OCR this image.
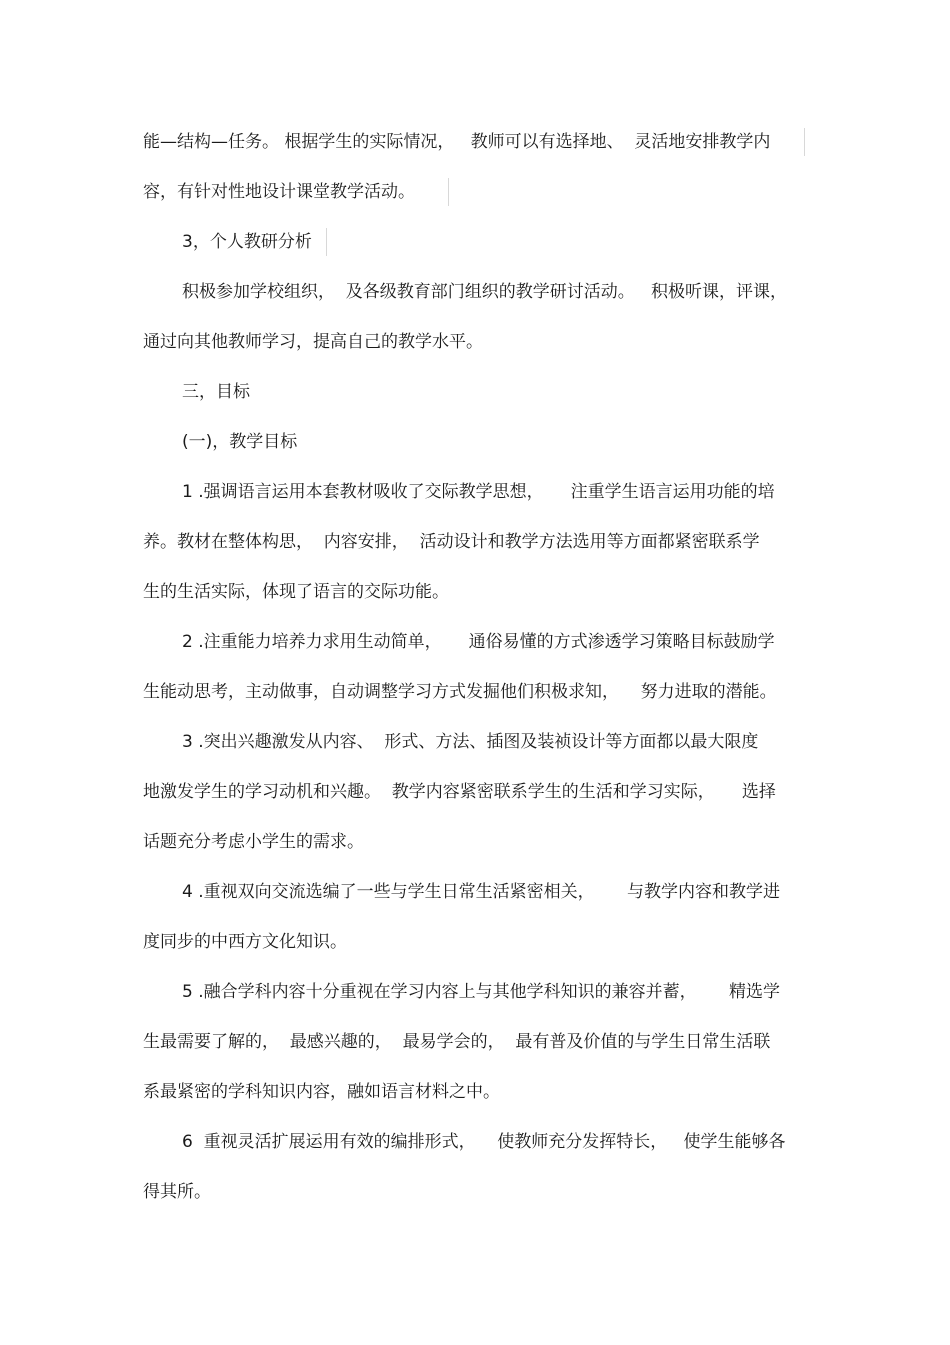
能—结构—任务。 根据学生的实际情况，   教师可以有选择地、  灵活地安排教学内
容，有针对性地设计课堂教学活动。
3，个人教研分析
积极参加学校组织，  及各级教育部门组织的教学研讨活动。   积极听课，评课，
通过向其他教师学习，提高自己的教学水平。
三，目标
(一)，教学目标
1 .强调语言运用本套教材吸收了交际教学思想，     注重学生语言运用功能的培
养。教材在整体构思，  内容安排，  活动设计和教学方法选用等方面都紧密联系学
生的生活实际，体现了语言的交际功能。
2 .注重能力培养力求用生动简单，     通俗易懂的方式渗透学习策略目标鼓励学
生能动思考，主动做事，自动调整学习方式发掘他们积极求知，    努力进取的潜能。
3 .突出兴趣激发从内容、  形式、方法、插图及装祯设计等方面都以最大限度
地激发学生的学习动机和兴趣。  教学内容紧密联系学生的生活和学习实际，     选择
话题充分考虑小学生的需求。
4 .重视双向交流选编了一些与学生日常生活紧密相关，      与教学内容和教学进
度同步的中西方文化知识。
5 .融合学科内容十分重视在学习内容上与其他学科知识的兼容并蓄，      精选学
生最需要了解的，  最感兴趣的，  最易学会的，  最有普及价值的与学生日常生活联
系最紧密的学科知识内容，融如语言材料之中。
6  重视灵活扩展运用有效的编排形式，    使教师充分发挥特长，   使学生能够各
得其所。
